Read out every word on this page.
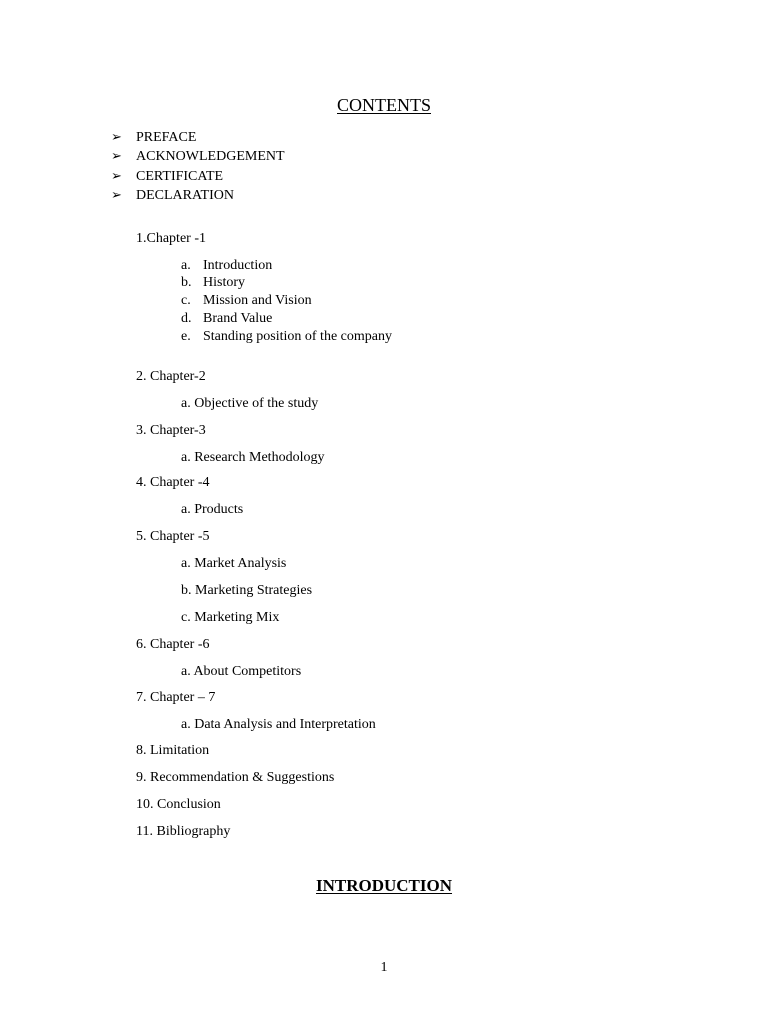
CONTENTS
➢	PREFACE
➢	ACKNOWLEDGEMENT
➢	CERTIFICATE
➢	DECLARATION
1.Chapter -1
a. Introduction
b. History
c. Mission and Vision
d. Brand Value
e. Standing position of the company
2. Chapter-2
a. Objective of the study
3. Chapter-3
a. Research Methodology
4. Chapter -4
a. Products
5. Chapter -5
a. Market Analysis
b. Marketing Strategies
c. Marketing Mix
6. Chapter -6
a. About Competitors
7. Chapter – 7
a. Data Analysis and Interpretation
8. Limitation
9. Recommendation & Suggestions
10. Conclusion
11. Bibliography
INTRODUCTION
1
